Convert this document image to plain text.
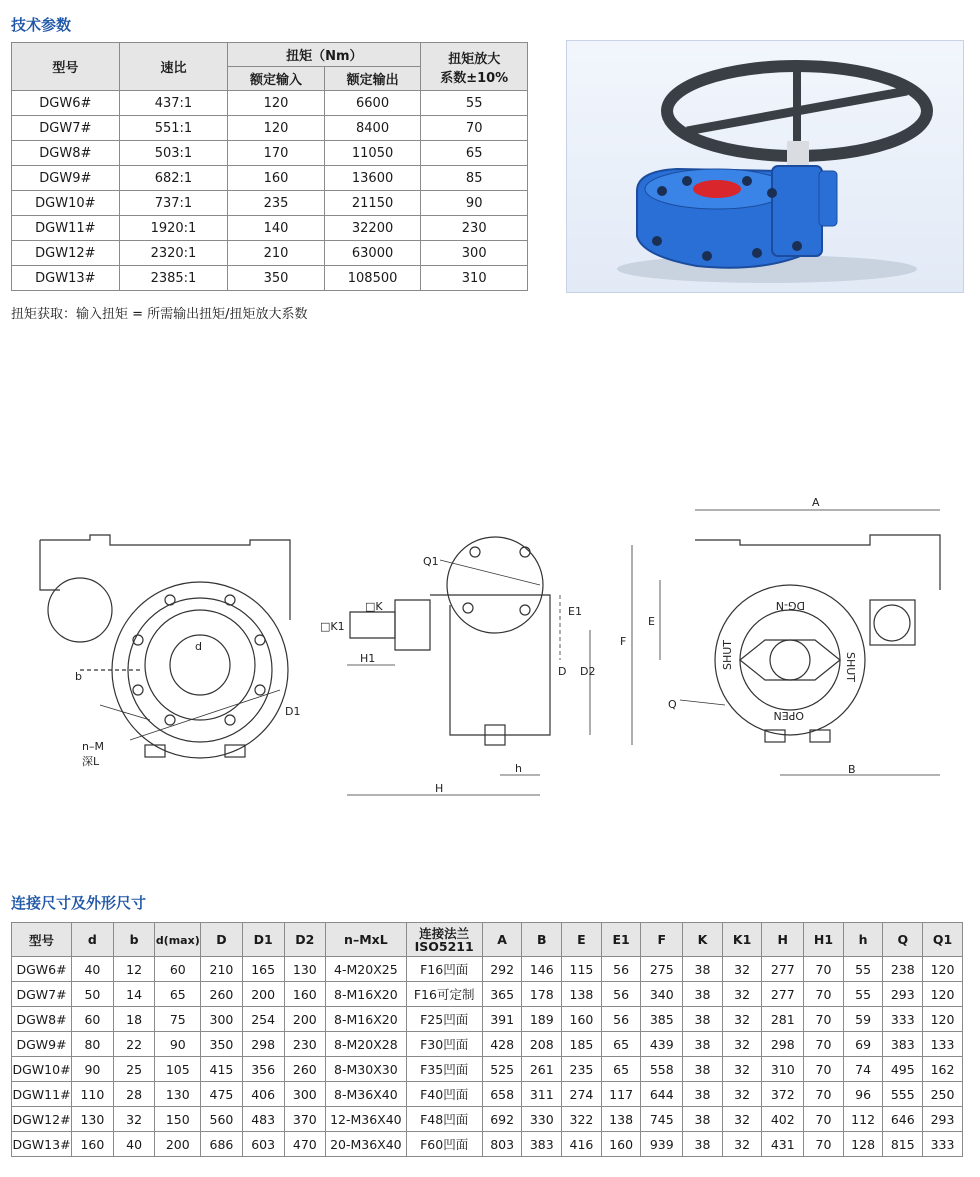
技术参数
型号	速比	扭矩（Nm）		扭矩放大
系数±10%
		额定输入	额定输出	
DGW6#	437:1	120	6600	55
DGW7#	551:1	120	8400	70
DGW8#	503:1	170	11050	65
DGW9#	682:1	160	13600	85
DGW10#	737:1	235	21150	90
DGW11#	1920:1	140	32200	230
DGW12#	2320:1	210	63000	300
DGW13#	2385:1	350	108500	310
扭矩获取：输入扭矩 = 所需输出扭矩/扭矩放大系数
b
d
D1
n–M
深L
Q1
□K
□K1
H1
E1
D D2
h
H
A
E
F
Q
B
DG-N
SHUT	SHUT
OPEN
连接尺寸及外形尺寸
型号	d	b	d(max)	D	D1	D2	n–MxL	连接法兰
ISO5211	A	B	E	E1	F	K	K1	H	H1	h	Q	Q1
DGW6#	40	12	60	210	165	130	4-M20X25	F16凹面	292	146	115	56	275	38	32	277	70	55	238	120
DGW7#	50	14	65	260	200	160	8-M16X20	F16可定制	365	178	138	56	340	38	32	277	70	55	293	120
DGW8#	60	18	75	300	254	200	8-M16X20	F25凹面	391	189	160	56	385	38	32	281	70	59	333	120
DGW9#	80	22	90	350	298	230	8-M20X28	F30凹面	428	208	185	65	439	38	32	298	70	69	383	133
DGW10#	90	25	105	415	356	260	8-M30X30	F35凹面	525	261	235	65	558	38	32	310	70	74	495	162
DGW11#	110	28	130	475	406	300	8-M36X40	F40凹面	658	311	274	117	644	38	32	372	70	96	555	250
DGW12#	130	32	150	560	483	370	12-M36X40	F48凹面	692	330	322	138	745	38	32	402	70	112	646	293
DGW13#	160	40	200	686	603	470	20-M36X40	F60凹面	803	383	416	160	939	38	32	431	70	128	815	333
